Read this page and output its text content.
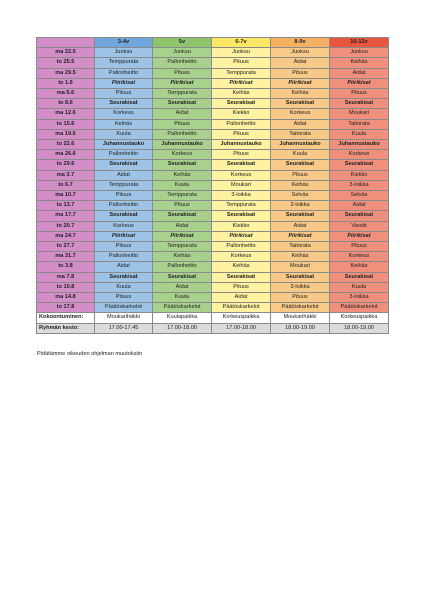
	3-4v	5v	6-7v	8-9v	10-12v
ma 22.5	Juoksu	Juoksu	Juoksu	Juoksu	Juoksu
to 25.5	Temppurata	Pallonheitto	Pituus	Aidat	Keihäs
ma 29.5	Pallonheitto	Pituus	Temppurata	Pituus	Aidat
to 1.6	Piirikisat	Piirikisat	Piirikisat	Piirikisat	Piirikisat
ma 5.6	Pituus	Temppurata	Keihäs	Keihäs	Pituus
to 8.6	Seurakisat	Seurakisat	Seurakisat	Seurakisat	Seurakisat
ma 12.6	Korkeus	Aidat	Kiekko	Korkeus	Moukari
to 15.6	Keihäs	Pituus	Pallonheitto	Aidat	Taitorata
ma 19.6	Kuula	Pallonheitto	Pituus	Taitorata	Kuula
to 22.6	Juhannustauko	Juhannustauko	Juhannustauko	Juhannustauko	Juhannustauko
ma 26.6	Pallonheitto	Korkeus	Pituus	Kuula	Korkeus
to 29.6	Seurakisat	Seurakisat	Seurakisat	Seurakisat	Seurakisat
ma 3.7	Aidat	Keihäs	Korkeus	Pituus	Kiekko
to 6.7	Temppurata	Kuula	Moukari	Keihäs	3-loikka
ma 10.7	Pituus	Temppurata	3-loikka	Selväs	Selväs
to 13.7	Pallonheitto	Pituus	Temppurata	3-loikka	Aidat
ma 17.7	Seurakisat	Seurakisat	Seurakisat	Seurakisat	Seurakisat
to 20.7	Korkeus	Aidat	Kiekko	Aidat	Viestit
ma 24.7	Piirikisat	Piirikisat	Piirikisat	Piirikisat	Piirikisat
to 27.7	Pituus	Temppurata	Pallonheitto	Taitorata	Pituus
ma 31.7	Pallonheitto	Keihäs	Korkeus	Keihäs	Korkeus
to 3.8	Aidat	Pallonheitto	Keihäs	Moukari	Keihäs
ma 7.8	Seurakisat	Seurakisat	Seurakisat	Seurakisat	Seurakisat
to 10.8	Kuula	Aidat	Pituus	3-loikka	Kuula
ma 14.8	Pituus	Kuula	Aidat	Pituus	3-loikka
to 17.8	Päätöskarkelot	Päätöskarkelot	Päätöskarkelot	Päätöskarkelot	Päätöskarkelot
Kokoontuminen:	Moukarihäkki	Kuulapaikka	Korkeuspaikka	Moukarihäkki	Korkeuspaikka
Ryhmän kesto:	17.00-17.45	17.00-18.00	17.00-18.00	18.00-19.00	18.00-19.00
Pidätämme oikeuden ohjelman muutoksiin
